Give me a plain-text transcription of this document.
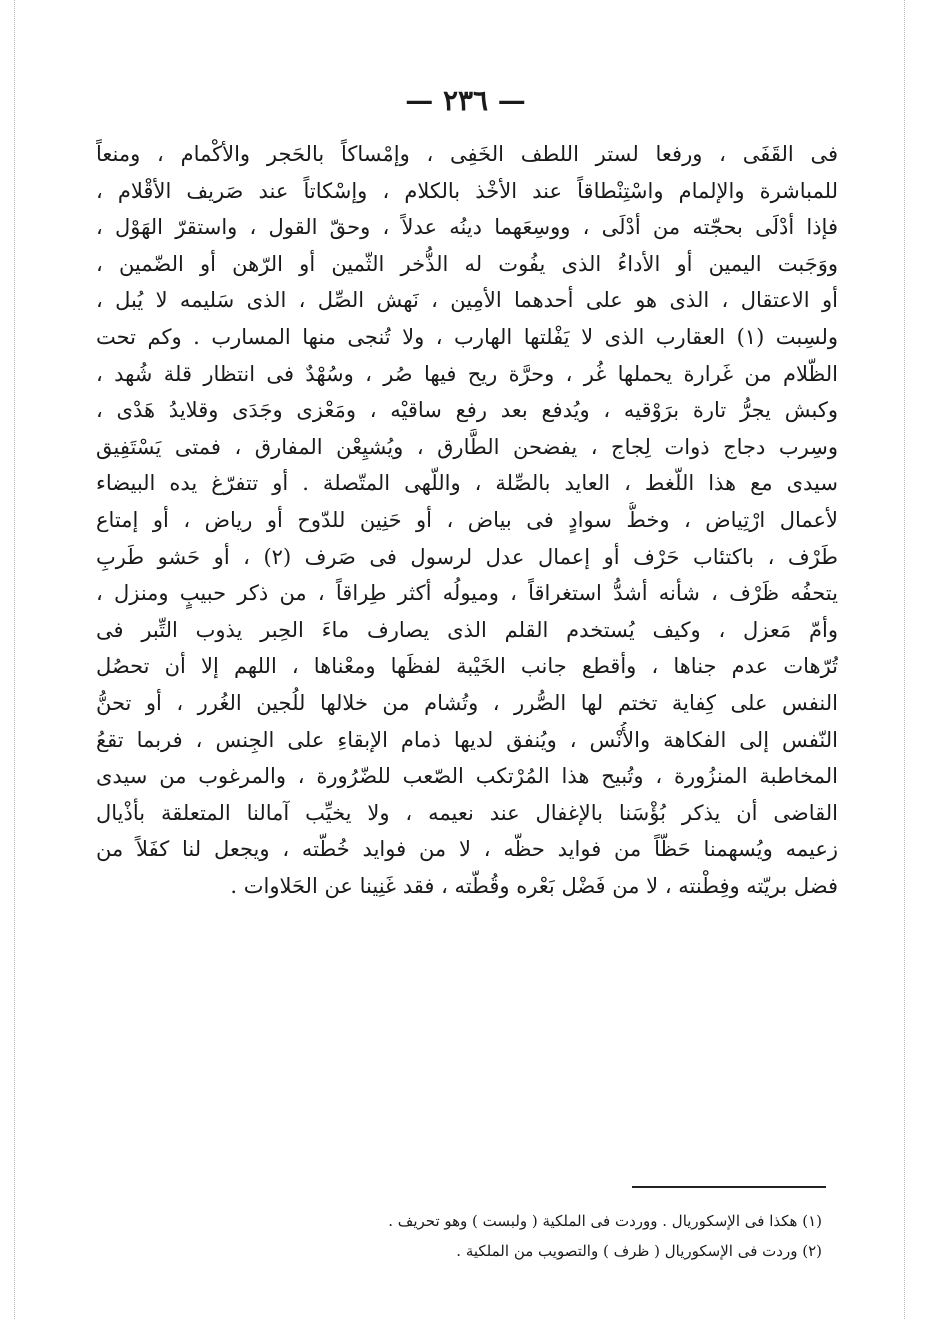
— ٢٣٦ —
فى القَفَى ، ورفعا لستر اللطف الخَفِى ، وإمْساكاً بالحَجر والأكْمام ، ومنعاً
للمباشرة والإلمام واسْتِنْطاقاً عند الأخْذ بالكلام ، وإسْكاتاً عند صَريف الأقْلام ،
فإذا أدْلَى بحجّته من أدْلَى ، ووسِعَهما دينُه عدلاً ، وحقّ القول ، واستقرّ الهَوْل ،
ووَجَبت اليمين أو الأداءُ الذى يفُوت له الذُّخر الثّمين أو الرّهن أو الضّمين ،
أو الاعتقال ، الذى هو على أحدهما الأمِين ، نَهش الصِّل ، الذى سَليمه لا يُبل ،
ولسِبت (١) العقارب الذى لا يَفْلتها الهارب ، ولا تُنجى منها المسارب . وكم تحت
الظّلام من غَرارة يحملها غُر ، وحرَّة ريح فيها صُر ، وسُهْدٌ فى انتظار قلة شُهد ،
وكبش يجرُّ تارة برَوْقيه ، ويُدفع بعد رفع ساقيْه ، ومَعْزى وجَدَى وقلايدُ هَدْى ،
وسِرب دجاج ذوات لِجاج ، يفضحن الطَّارق ، ويُشيِعْن المفارق ، فمتى يَسْتَفِيق
سيدى مع هذا اللّغط ، العايد بالصِّلة ، واللّهى المتّصلة . أو تتفرّغ يده البيضاء
لأعمال ارْتِياض ، وخطُّ سوادٍ فى بياض ، أو حَنِين للدّوح أو رياض ، أو إمتاع
طَرْف ، باكتئاب حَرْف أو إعمال عدل لرسول فى صَرف (٢) ، أو حَشو طَربِ
يتحفُه ظَرْف ، شأنه أشدُّ استغراقاً ، وميولُه أكثر طِراقاً ، من ذكر حبيبٍ ومنزل ،
وأمّ مَعزل ، وكيف يُستخدم القلم الذى يصارف ماءَ الحِبر يذوب التِّبر فى
تُرّهات عدم جناها ، وأقطع جانب الخَيْبة لفظَها ومعْناها ، اللهم إلا أن تحصُل
النفس على كِفاية تختم لها الصُّرر ، وتُشام من خلالها للُجين الغُرر ، أو تحنُّ
النّفس إلى الفكاهة والأُنْس ، ويُنفق لديها ذمام الإبقاءِ على الجِنس ، فربما تقعُ
المخاطبة المنزُورة ، وتُبيح هذا المُرْتكب الصّعب للضّرُورة ، والمرغوب من سيدى
القاضى أن يذكر بُؤْسَنا بالإغفال عند نعيمه ، ولا يخيِّب آمالنا المتعلقة بأذْيال
زعيمه ويُسهمنا حَظّاً من فوايد حظّه ، لا من فوايد خُطّته ، ويجعل لنا كفَلاً من
فضل بريّته وفِطْنته ، لا من فَضْل بَعْره وقُطّته ، فقد غَنِينا عن الحَلاوات .
(١) هكذا فى الإسكوريال . ووردت فى الملكية ( ولبست ) وهو تحريف .
(٢) وردت فى الإسكوريال ( ظرف ) والتصويب من الملكية .
